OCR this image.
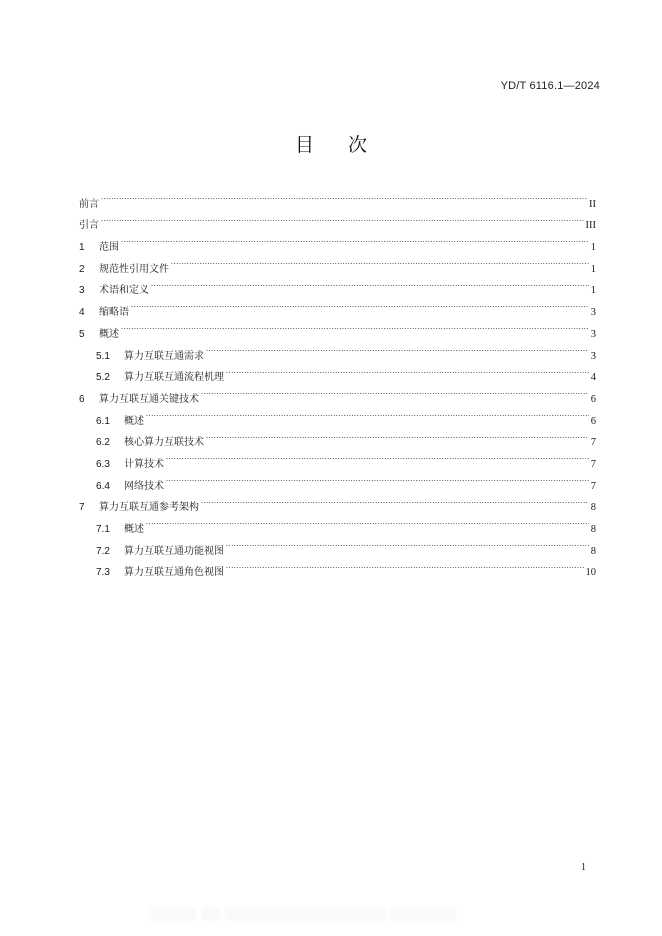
YD/T 6116.1—2024
目次
前言 .....	II
引言 .....	III
1	范围 .....	1
2	规范性引用文件 .....	1
3	术语和定义 .....	1
4	缩略语 .....	3
5	概述 .....	3
5.1	算力互联互通需求 .....	3
5.2	算力互联互通流程机理 .....	4
6	算力互联互通关键技术 .....	6
6.1	概述 .....	6
6.2	核心算力互联技术 .....	7
6.3	计算技术 .....	7
6.4	网络技术 .....	7
7	算力互联互通参考架构 .....	8
7.1	概述 .....	8
7.2	算力互联互通功能视图 .....	8
7.3	算力互联互通角色视图 .....	10
1
▒▒▒▒▒ ▒▒ ▒▒▒▒▒▒▒▒▒▒▒▒▒▒▒▒▒ ▒▒▒▒▒▒▒
